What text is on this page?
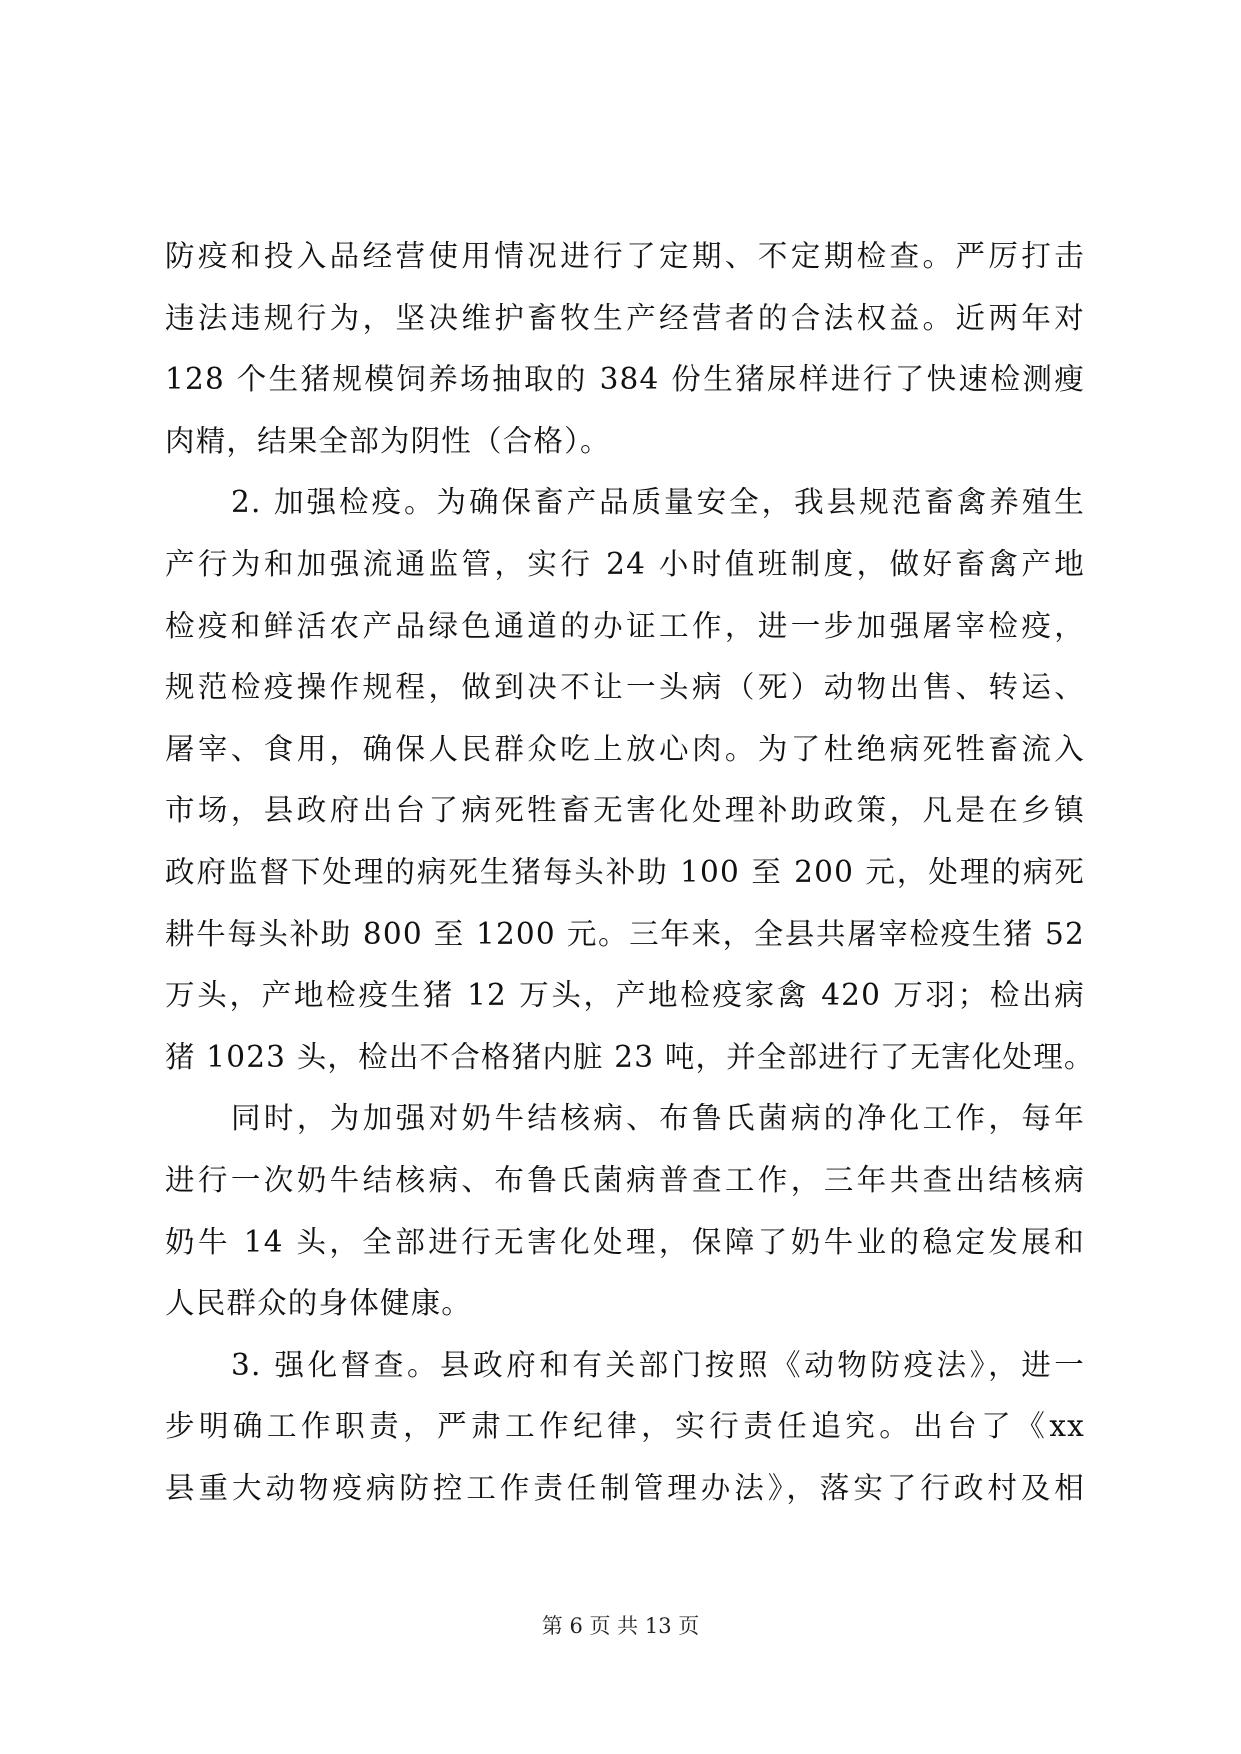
防疫和投入品经营使用情况进行了定期、不定期检查。严厉打击
违法违规行为，坚决维护畜牧生产经营者的合法权益。近两年对
128 个生猪规模饲养场抽取的 384 份生猪尿样进行了快速检测瘦
肉精，结果全部为阴性（合格）。
2. 加强检疫。为确保畜产品质量安全，我县规范畜禽养殖生
产行为和加强流通监管，实行 24 小时值班制度，做好畜禽产地
检疫和鲜活农产品绿色通道的办证工作，进一步加强屠宰检疫，
规范检疫操作规程，做到决不让一头病（死）动物出售、转运、
屠宰、食用，确保人民群众吃上放心肉。为了杜绝病死牲畜流入
市场，县政府出台了病死牲畜无害化处理补助政策，凡是在乡镇
政府监督下处理的病死生猪每头补助 100 至 200 元，处理的病死
耕牛每头补助 800 至 1200 元。三年来，全县共屠宰检疫生猪 52
万头，产地检疫生猪 12 万头，产地检疫家禽 420 万羽；检出病
猪 1023 头，检出不合格猪内脏 23 吨，并全部进行了无害化处理。
同时，为加强对奶牛结核病、布鲁氏菌病的净化工作，每年
进行一次奶牛结核病、布鲁氏菌病普查工作，三年共查出结核病
奶牛 14 头，全部进行无害化处理，保障了奶牛业的稳定发展和
人民群众的身体健康。
3. 强化督查。县政府和有关部门按照《动物防疫法》，进一
步明确工作职责，严肃工作纪律，实行责任追究。出台了《xx
县重大动物疫病防控工作责任制管理办法》，落实了行政村及相
第 6 页 共 13 页
